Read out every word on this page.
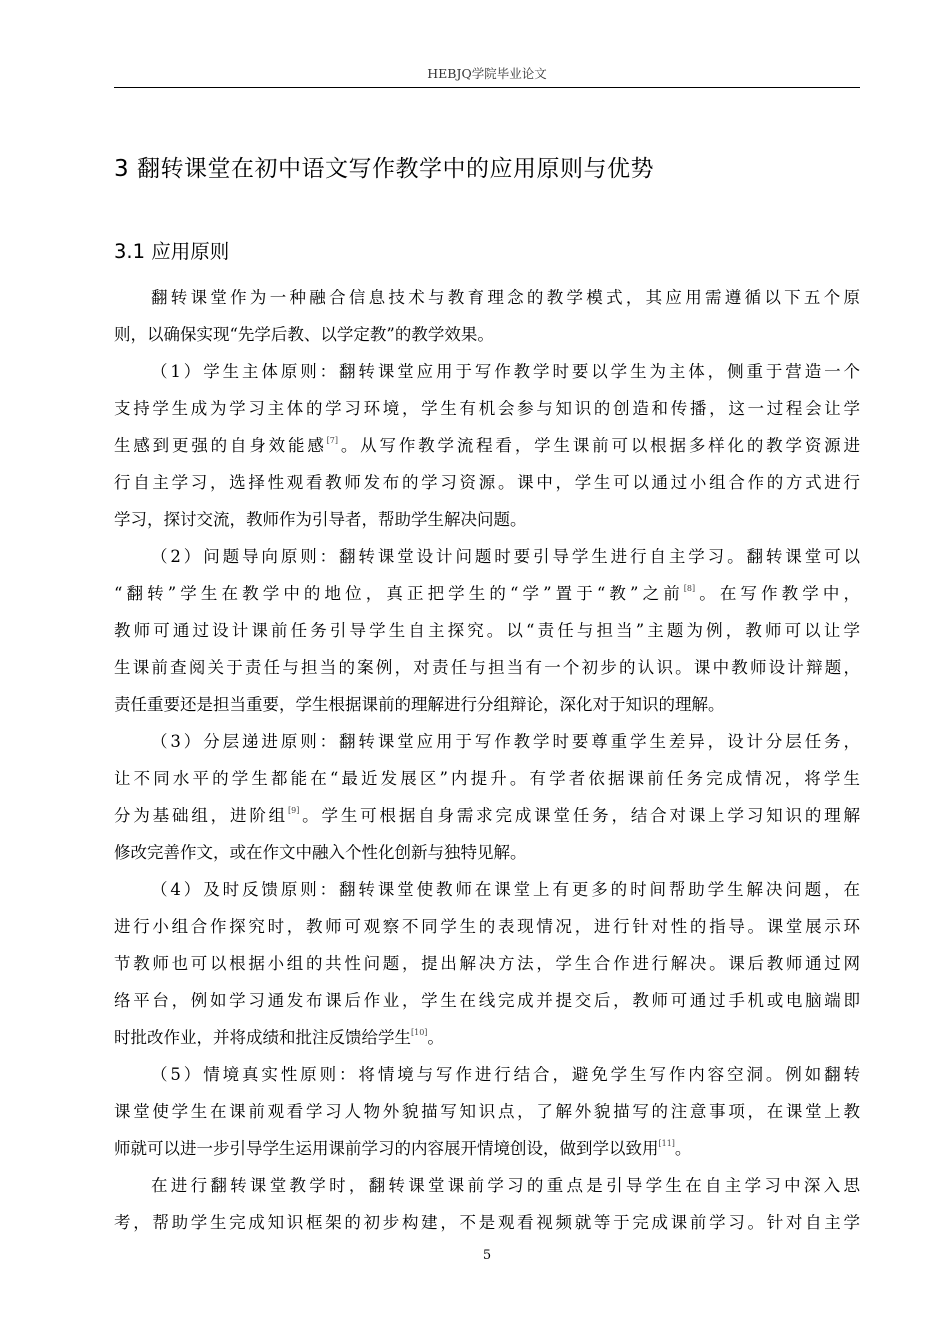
HEBJQ学院毕业论文
3 翻转课堂在初中语文写作教学中的应用原则与优势
3.1 应用原则
翻转课堂作为一种融合信息技术与教育理念的教学模式，其应用需遵循以下五个原
则，以确保实现“先学后教、以学定教”的教学效果。
（1）学生主体原则：翻转课堂应用于写作教学时要以学生为主体，侧重于营造一个
支持学生成为学习主体的学习环境，学生有机会参与知识的创造和传播，这一过程会让学
生感到更强的自身效能感[7]。从写作教学流程看，学生课前可以根据多样化的教学资源进
行自主学习，选择性观看教师发布的学习资源。课中，学生可以通过小组合作的方式进行
学习，探讨交流，教师作为引导者，帮助学生解决问题。
（2）问题导向原则：翻转课堂设计问题时要引导学生进行自主学习。翻转课堂可以
“翻转”学生在教学中的地位，真正把学生的“学”置于“教”之前[8]。在写作教学中，
教师可通过设计课前任务引导学生自主探究。以“责任与担当”主题为例，教师可以让学
生课前查阅关于责任与担当的案例，对责任与担当有一个初步的认识。课中教师设计辩题，
责任重要还是担当重要，学生根据课前的理解进行分组辩论，深化对于知识的理解。
（3）分层递进原则：翻转课堂应用于写作教学时要尊重学生差异，设计分层任务，
让不同水平的学生都能在“最近发展区”内提升。有学者依据课前任务完成情况，将学生
分为基础组，进阶组[9]。学生可根据自身需求完成课堂任务，结合对课上学习知识的理解
修改完善作文，或在作文中融入个性化创新与独特见解。
（4）及时反馈原则：翻转课堂使教师在课堂上有更多的时间帮助学生解决问题，在
进行小组合作探究时，教师可观察不同学生的表现情况，进行针对性的指导。课堂展示环
节教师也可以根据小组的共性问题，提出解决方法，学生合作进行解决。课后教师通过网
络平台，例如学习通发布课后作业，学生在线完成并提交后，教师可通过手机或电脑端即
时批改作业，并将成绩和批注反馈给学生[10]。
（5）情境真实性原则：将情境与写作进行结合，避免学生写作内容空洞。例如翻转
课堂使学生在课前观看学习人物外貌描写知识点，了解外貌描写的注意事项，在课堂上教
师就可以进一步引导学生运用课前学习的内容展开情境创设，做到学以致用[11]。
在进行翻转课堂教学时，翻转课堂课前学习的重点是引导学生在自主学习中深入思
考，帮助学生完成知识框架的初步构建，不是观看视频就等于完成课前学习。针对自主学
5
